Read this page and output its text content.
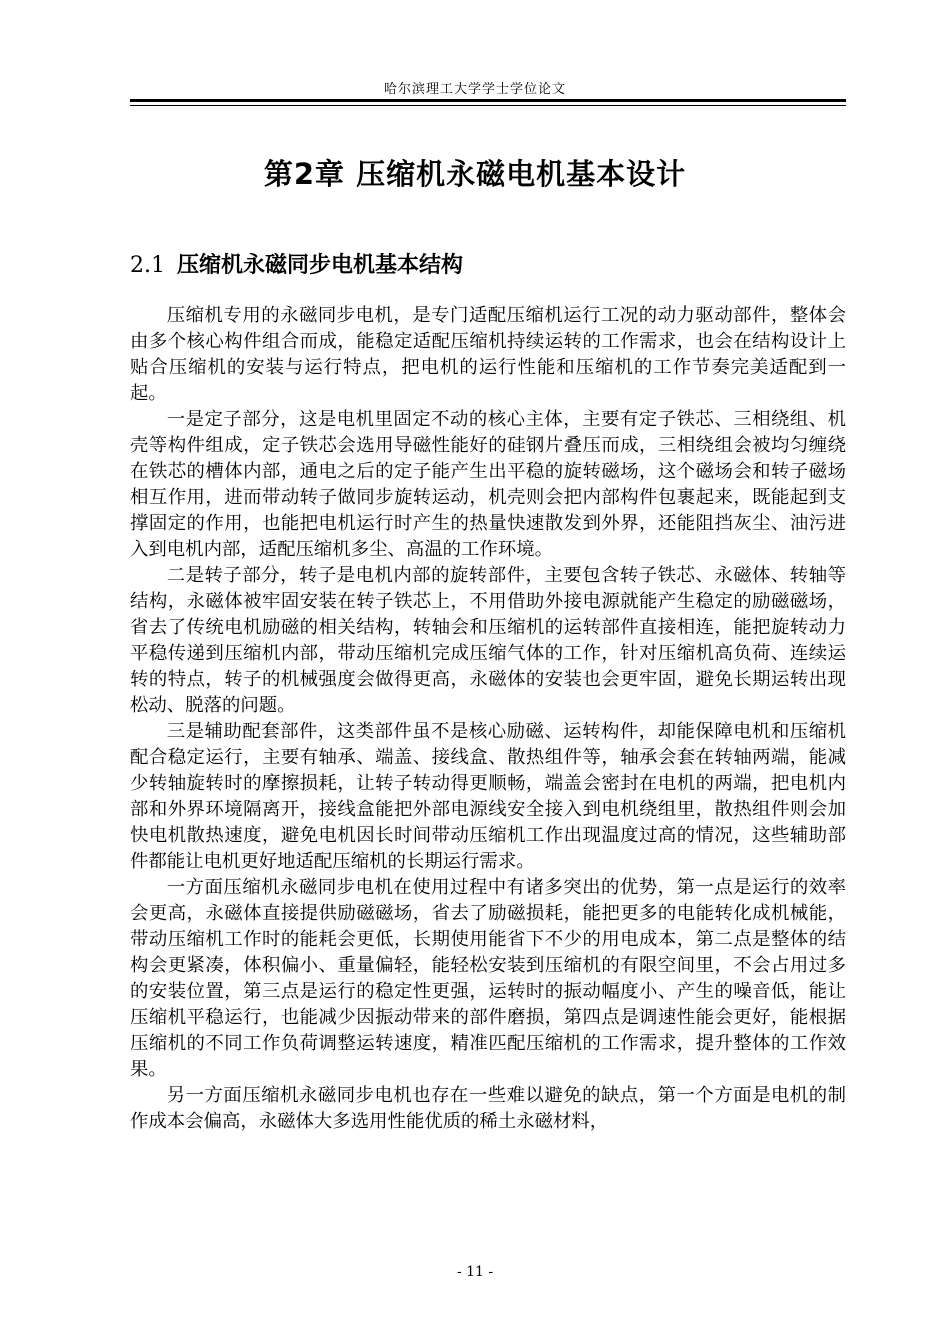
哈尔滨理工大学学士学位论文
第2章 压缩机永磁电机基本设计
2.1 压缩机永磁同步电机基本结构

压缩机专用的永磁同步电机，是专门适配压缩机运行工况的动力驱动部件，整体会由多个核心构件组合而成，能稳定适配压缩机持续运转的工作需求，也会在结构设计上贴合压缩机的安装与运行特点，把电机的运行性能和压缩机的工作节奏完美适配到一起。

一是定子部分，这是电机里固定不动的核心主体，主要有定子铁芯、三相绕组、机壳等构件组成，定子铁芯会选用导磁性能好的硅钢片叠压而成，三相绕组会被均匀缠绕在铁芯的槽体内部，通电之后的定子能产生出平稳的旋转磁场，这个磁场会和转子磁场相互作用，进而带动转子做同步旋转运动，机壳则会把内部构件包裹起来，既能起到支撑固定的作用，也能把电机运行时产生的热量快速散发到外界，还能阻挡灰尘、油污进入到电机内部，适配压缩机多尘、高温的工作环境。

二是转子部分，转子是电机内部的旋转部件，主要包含转子铁芯、永磁体、转轴等结构，永磁体被牢固安装在转子铁芯上，不用借助外接电源就能产生稳定的励磁磁场，省去了传统电机励磁的相关结构，转轴会和压缩机的运转部件直接相连，能把旋转动力平稳传递到压缩机内部，带动压缩机完成压缩气体的工作，针对压缩机高负荷、连续运转的特点，转子的机械强度会做得更高，永磁体的安装也会更牢固，避免长期运转出现松动、脱落的问题。

三是辅助配套部件，这类部件虽不是核心励磁、运转构件，却能保障电机和压缩机配合稳定运行，主要有轴承、端盖、接线盒、散热组件等，轴承会套在转轴两端，能减少转轴旋转时的摩擦损耗，让转子转动得更顺畅，端盖会密封在电机的两端，把电机内部和外界环境隔离开，接线盒能把外部电源线安全接入到电机绕组里，散热组件则会加快电机散热速度，避免电机因长时间带动压缩机工作出现温度过高的情况，这些辅助部件都能让电机更好地适配压缩机的长期运行需求。

一方面压缩机永磁同步电机在使用过程中有诸多突出的优势，第一点是运行的效率会更高，永磁体直接提供励磁磁场，省去了励磁损耗，能把更多的电能转化成机械能，带动压缩机工作时的能耗会更低，长期使用能省下不少的用电成本，第二点是整体的结构会更紧凑，体积偏小、重量偏轻，能轻松安装到压缩机的有限空间里，不会占用过多的安装位置，第三点是运行的稳定性更强，运转时的振动幅度小、产生的噪音低，能让压缩机平稳运行，也能减少因振动带来的部件磨损，第四点是调速性能会更好，能根据压缩机的不同工作负荷调整运转速度，精准匹配压缩机的工作需求，提升整体的工作效果。

另一方面压缩机永磁同步电机也存在一些难以避免的缺点，第一个方面是电机的制作成本会偏高，永磁体大多选用性能优质的稀土永磁材料，

- 11 -
